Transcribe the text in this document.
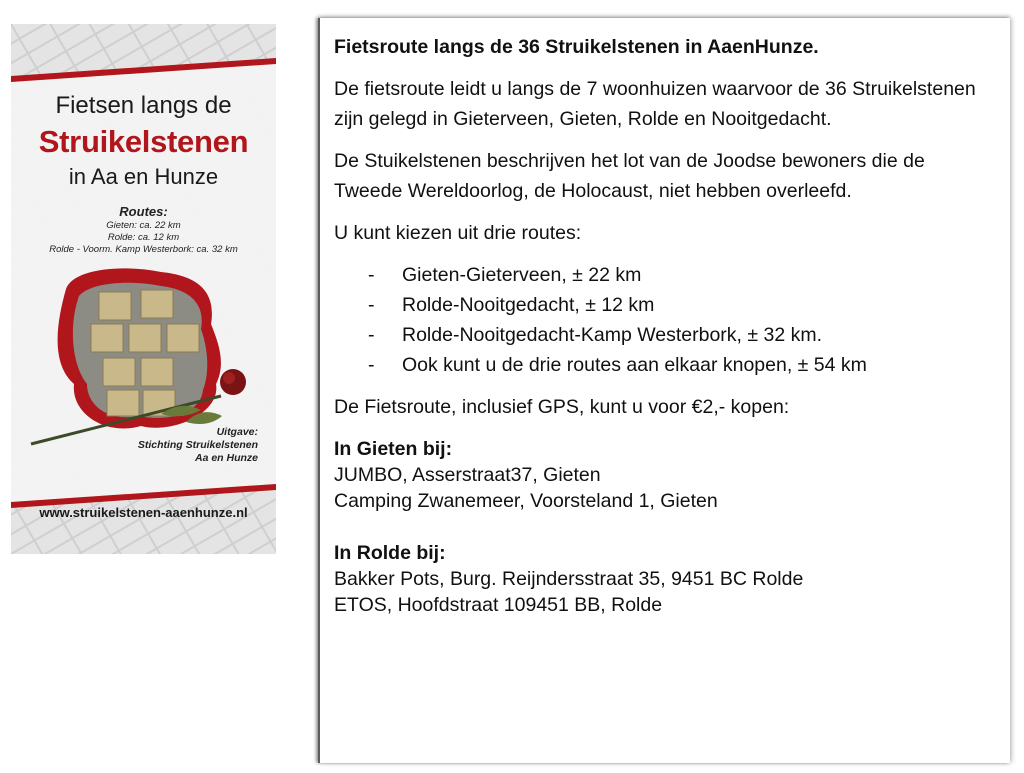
Fietsen langs de
Struikelstenen
in Aa en Hunze
Routes:
Gieten: ca. 22 km
Rolde: ca. 12 km
Rolde - Voorm. Kamp Westerbork: ca. 32 km
Uitgave:
Stichting Struikelstenen
Aa en Hunze
www.struikelstenen-aaenhunze.nl
Fietsroute langs de 36 Struikelstenen in AaenHunze.

De fietsroute leidt u langs de 7 woonhuizen waarvoor de 36 Struikelstenen zijn gelegd in Gieterveen, Gieten, Rolde en Nooitgedacht.

De Stuikelstenen beschrijven het lot van de Joodse bewoners die de Tweede Wereldoorlog, de Holocaust, niet hebben overleefd.

U kunt kiezen uit drie routes:

- Gieten-Gieterveen, ± 22 km
- Rolde-Nooitgedacht, ± 12 km
- Rolde-Nooitgedacht-Kamp Westerbork, ± 32 km.
- Ook kunt u de drie routes aan elkaar knopen, ± 54 km

De Fietsroute, inclusief GPS, kunt u voor €2,- kopen:

In Gieten bij:
JUMBO, Asserstraat37, Gieten
Camping Zwanemeer, Voorsteland 1, Gieten
In Rolde bij:
Bakker Pots, Burg. Reijndersstraat 35, 9451 BC Rolde
ETOS, Hoofdstraat 109451 BB, Rolde
